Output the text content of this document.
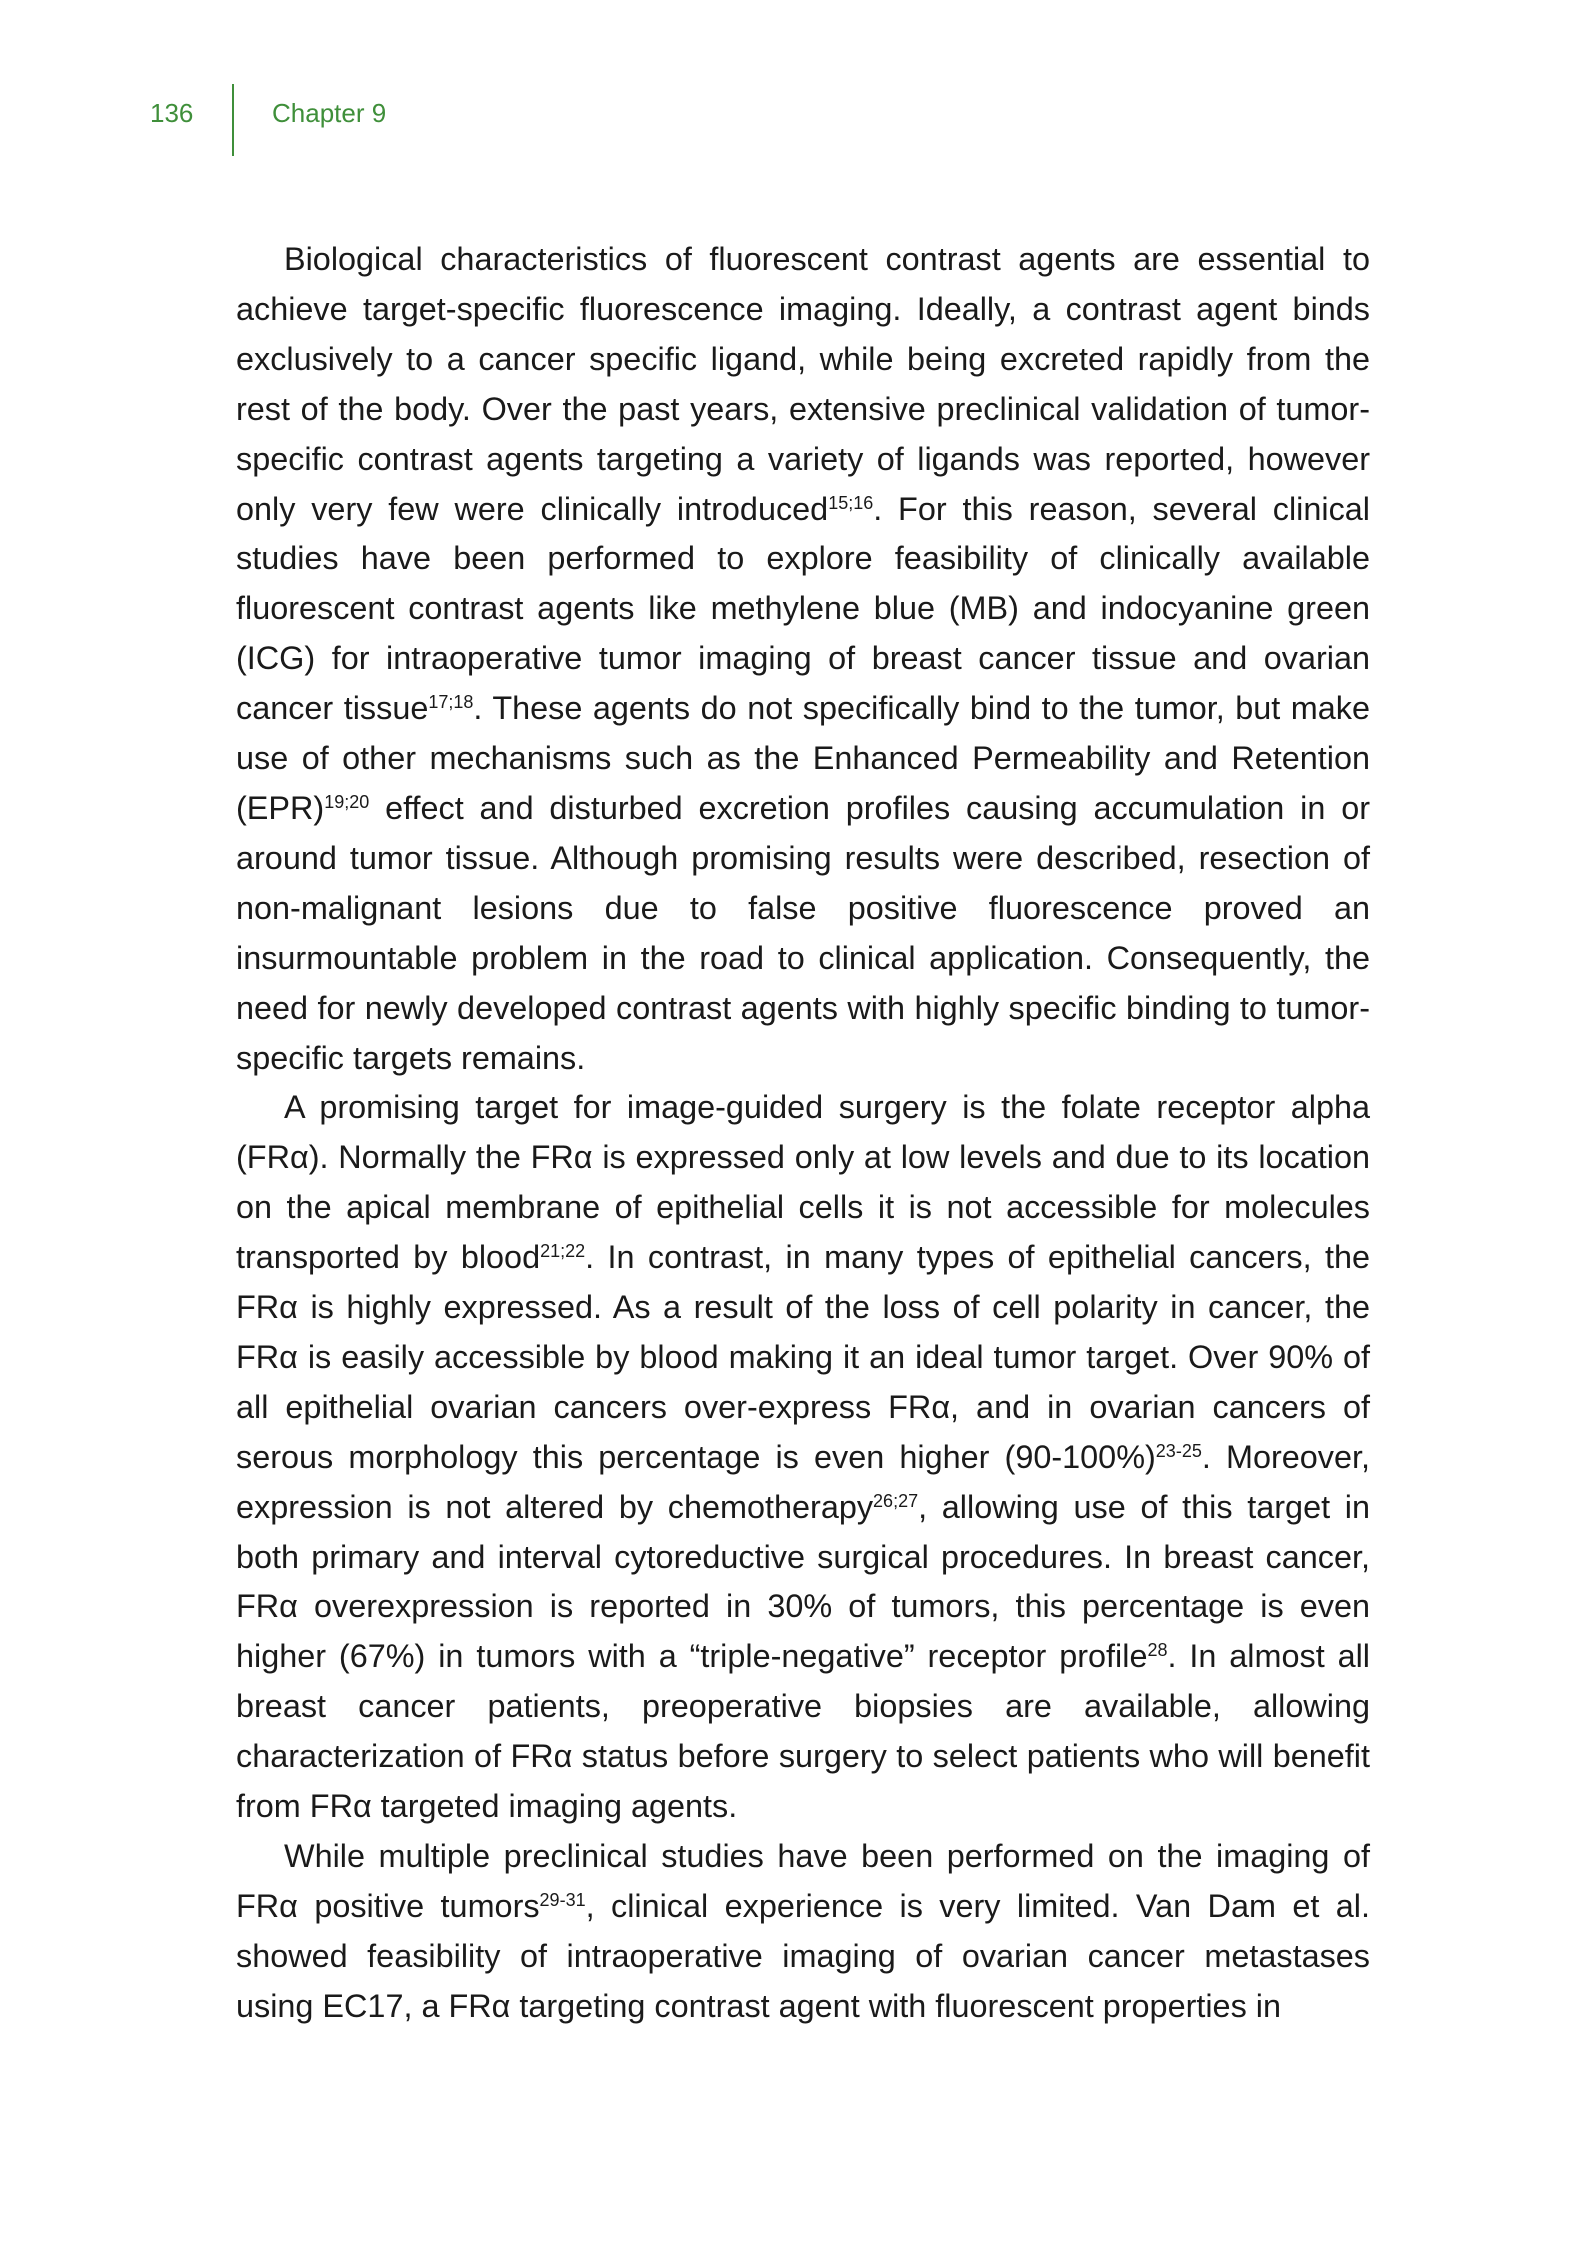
136	Chapter 9

Biological characteristics of fluorescent contrast agents are essential to achieve target-specific fluorescence imaging. Ideally, a contrast agent binds exclusively to a cancer specific ligand, while being excreted rapidly from the rest of the body. Over the past years, extensive preclinical validation of tumor-specific contrast agents targeting a variety of ligands was reported, however only very few were clinically introduced$^{15;16}$. For this reason, several clinical studies have been performed to explore feasibility of clinically available fluorescent contrast agents like methylene blue (MB) and indocyanine green (ICG) for intraoperative tumor imaging of breast cancer tissue and ovarian cancer tissue$^{17;18}$. These agents do not specifically bind to the tumor, but make use of other mechanisms such as the Enhanced Permeability and Retention (EPR)$^{19;20}$ effect and disturbed excretion profiles causing accumulation in or around tumor tissue. Although promising results were described, resection of non-malignant lesions due to false positive fluorescence proved an insurmountable problem in the road to clinical application. Consequently, the need for newly developed contrast agents with highly specific binding to tumor-specific targets remains.

A promising target for image-guided surgery is the folate receptor alpha (FRα). Normally the FRα is expressed only at low levels and due to its location on the apical membrane of epithelial cells it is not accessible for molecules transported by blood$^{21;22}$. In contrast, in many types of epithelial cancers, the FRα is highly expressed. As a result of the loss of cell polarity in cancer, the FRα is easily accessible by blood making it an ideal tumor target. Over 90% of all epithelial ovarian cancers over-express FRα, and in ovarian cancers of serous morphology this percentage is even higher $(90-100\%)^{23-25}$. Moreover, expression is not altered by chemotherapy$^{26;27}$, allowing use of this target in both primary and interval cytoreductive surgical procedures. In breast cancer, FRα overexpression is reported in 30% of tumors, this percentage is even higher (67%) in tumors with a “triple-negative” receptor profile$^{28}$. In almost all breast cancer patients, preoperative biopsies are available, allowing characterization of FRα status before surgery to select patients who will benefit from FRα targeted imaging agents.

While multiple preclinical studies have been performed on the imaging of FRα positive tumors$^{29-31}$, clinical experience is very limited. Van Dam et al. showed feasibility of intraoperative imaging of ovarian cancer metastases using EC17, a FRα targeting contrast agent with fluorescent properties in
